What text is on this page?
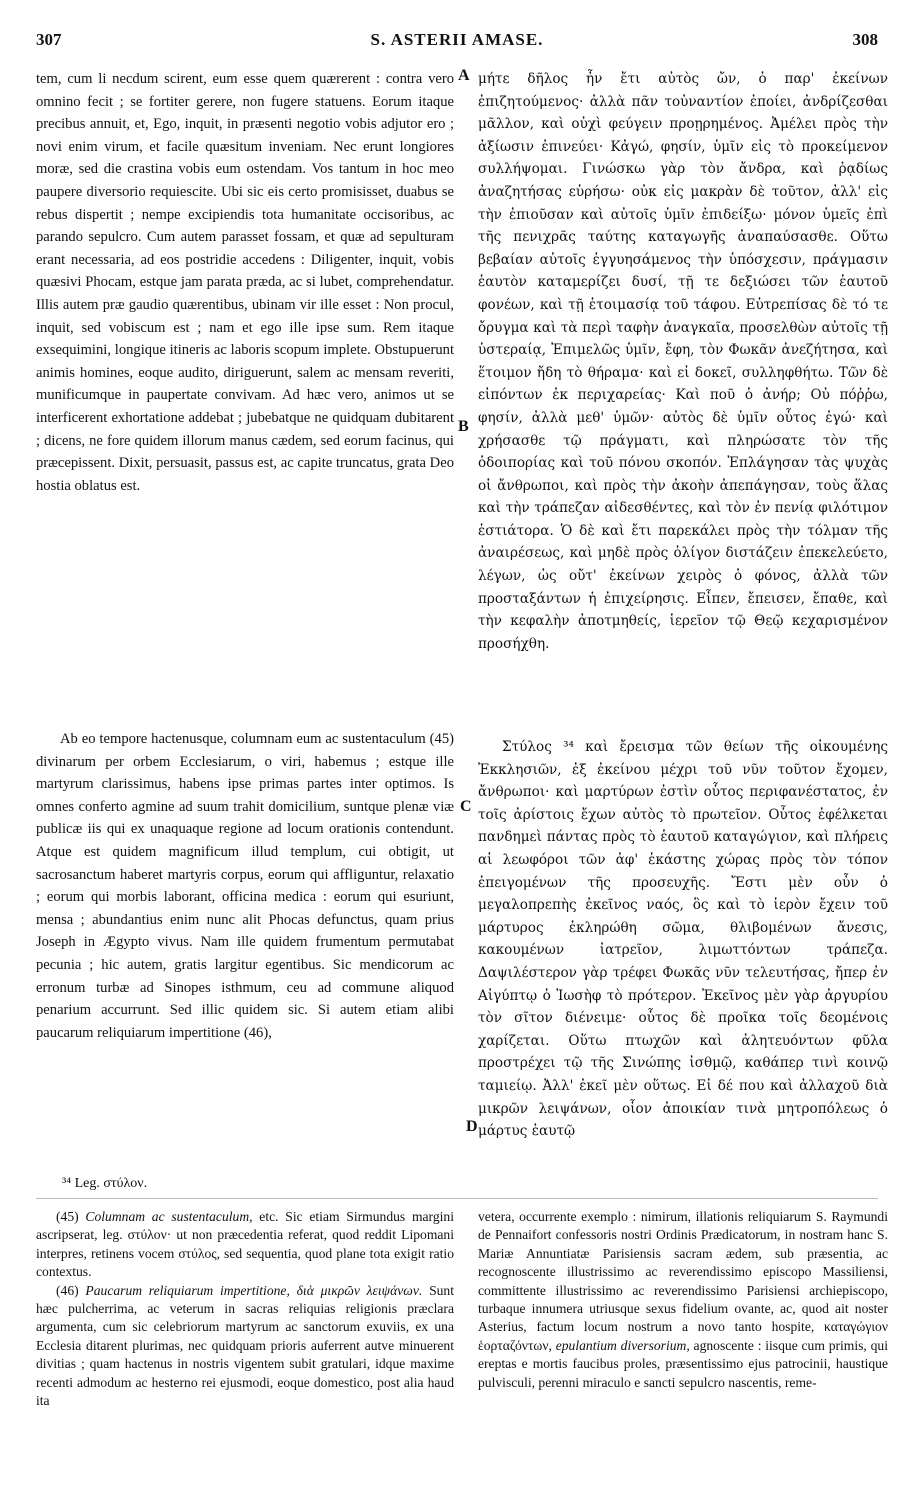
307	S. ASTERII AMASE.	308

tem, cum li necdum scirent, eum esse quem quærerent : contra vero omnino fecit ; se fortiter gerere, non fugere statuens. Eorum itaque precibus annuit, et, Ego, inquit, in præsenti negotio vobis adjutor ero ; novi enim virum, et facile quæsitum inveniam. Nec erunt longiores moræ, sed die crastina vobis eum ostendam. Vos tantum in hoc meo paupere diversorio requiescite. Ubi sic eis certo promisisset, duabus se rebus dispertit ; nempe excipiendis tota humanitate occisoribus, ac parando sepulcro. Cum autem parasset fossam, et quæ ad sepulturam erant necessaria, ad eos postridie accedens : Diligenter, inquit, vobis quæsivi Phocam, estque jam parata præda, ac si lubet, comprehendatur. Illis autem præ gaudio quærentibus, ubinam vir ille esset : Non procul, inquit, sed vobiscum est ; nam et ego ille ipse sum. Rem itaque exsequimini, longique itineris ac laboris scopum implete. Obstupuerunt animis homines, eoque audito, diriguerunt, salem ac mensam reveriti, munificumque in paupertate convivam. Ad hæc vero, animos ut se interficerent exhortatione addebat ; jubebatque ne quidquam dubitarent ; dicens, ne fore quidem illorum manus cædem, sed eorum facinus, qui præcepissent. Dixit, persuasit, passus est, ac capite truncatus, grata Deo hostia oblatus est.

Ab eo tempore hactenusque, columnam eum ac sustentaculum (45) divinarum per orbem Ecclesiarum, o viri, habemus ; estque ille martyrum clarissimus, habens ipse primas partes inter optimos. Is omnes conferto agmine ad suum trahit domicilium, suntque plenæ viæ publicæ iis qui ex unaquaque regione ad locum orationis contendunt. Atque est quidem magnificum illud templum, cui obtigit, ut sacrosanctum haberet martyris corpus, eorum qui affliguntur, relaxatio ; eorum qui morbis laborant, officina medica : eorum qui esuriunt, mensa ; abundantius enim nunc alit Phocas defunctus, quam prius Joseph in Ægypto vivus. Nam ille quidem frumentum permutabat pecunia ; hic autem, gratis largitur egentibus. Sic mendicorum ac erronum turbæ ad Sinopes isthmum, ceu ad commune aliquod penarium accurrunt. Sed illic quidem sic. Si autem etiam alibi paucarum reliquiarum impertitione (46),

μήτε δῆλος ἦν ἔτι αὐτὸς ὤν, ὁ παρ' ἐκείνων ἐπιζητούμενος· ἀλλὰ πᾶν τοὐναντίον ἐποίει, ἀνδρίζεσθαι μᾶλλον, καὶ οὐχὶ φεύγειν προῃρημένος. Ἀμέλει πρὸς τὴν ἀξίωσιν ἐπινεύει· Κἀγώ, φησίν, ὑμῖν εἰς τὸ προκείμενον συλλήψομαι. Γινώσκω γὰρ τὸν ἄνδρα, καὶ ῥᾳδίως ἀναζητήσας εὑρήσω· οὐκ εἰς μακρὰν δὲ τοῦτον, ἀλλ' εἰς τὴν ἐπιοῦσαν καὶ αὐτοῖς ὑμῖν ἐπιδείξω· μόνον ὑμεῖς ἐπὶ τῆς πενιχρᾶς ταύτης καταγωγῆς ἀναπαύσασθε. Οὕτω βεβαίαν αὐτοῖς ἐγγυησάμενος τὴν ὑπόσχεσιν, πράγμασιν ἑαυτὸν καταμερίζει δυσί, τῇ τε δεξιώσει τῶν ἑαυτοῦ φονέων, καὶ τῇ ἑτοιμασίᾳ τοῦ τάφου. Εὐτρεπίσας δὲ τό τε ὄρυγμα καὶ τὰ περὶ ταφὴν ἀναγκαῖα, προσελθὼν αὐτοῖς τῇ ὑστεραίᾳ, Ἐπιμελῶς ὑμῖν, ἔφη, τὸν Φωκᾶν ἀνεζήτησα, καὶ ἕτοιμον ἤδη τὸ θήραμα· καὶ εἰ δοκεῖ, συλληφθήτω. Τῶν δὲ εἰπόντων ἐκ περιχαρείας· Καὶ ποῦ ὁ ἀνήρ; Οὐ πόῤῥω, φησίν, ἀλλὰ μεθ' ὑμῶν· αὐτὸς δὲ ὑμῖν οὗτος ἐγώ· καὶ χρήσασθε τῷ πράγματι, καὶ πληρώσατε τὸν τῆς ὁδοιπορίας καὶ τοῦ πόνου σκοπόν. Ἐπλάγησαν τὰς ψυχὰς οἱ ἄνθρωποι, καὶ πρὸς τὴν ἀκοὴν ἀπεπάγησαν, τοὺς ἅλας καὶ τὴν τράπεζαν αἰδεσθέντες, καὶ τὸν ἐν πενίᾳ φιλότιμον ἑστιάτορα. Ὁ δὲ καὶ ἔτι παρεκάλει πρὸς τὴν τόλμαν τῆς ἀναιρέσεως, καὶ μηδὲ πρὸς ὀλίγον διστάζειν ἐπεκελεύετο, λέγων, ὡς οὔτ' ἐκείνων χειρὸς ὁ φόνος, ἀλλὰ τῶν προσταξάντων ἡ ἐπιχείρησις. Εἶπεν, ἔπεισεν, ἔπαθε, καὶ τὴν κεφαλὴν ἀποτμηθείς, ἱερεῖον τῷ Θεῷ κεχαρισμένον προσήχθη.

Στύλος ³⁴ καὶ ἔρεισμα τῶν θείων τῆς οἰκουμένης Ἐκκλησιῶν, ἐξ ἐκείνου μέχρι τοῦ νῦν τοῦτον ἔχομεν, ἄνθρωποι· καὶ μαρτύρων ἐστὶν οὗτος περιφανέστατος, ἐν τοῖς ἀρίστοις ἔχων αὐτὸς τὸ πρωτεῖον. Οὗτος ἐφέλκεται πανδημεὶ πάντας πρὸς τὸ ἑαυτοῦ καταγώγιον, καὶ πλήρεις αἱ λεωφόροι τῶν ἀφ' ἑκάστης χώρας πρὸς τὸν τόπον ἐπειγομένων τῆς προσευχῆς. Ἔστι μὲν οὖν ὁ μεγαλοπρεπὴς ἐκεῖνος ναός, ὃς καὶ τὸ ἱερὸν ἔχειν τοῦ μάρτυρος ἐκληρώθη σῶμα, θλιβομένων ἄνεσις, κακουμένων ἰατρεῖον, λιμωττόντων τράπεζα. Δαψιλέστερον γὰρ τρέφει Φωκᾶς νῦν τελευτήσας, ἤπερ ἐν Αἰγύπτῳ ὁ Ἰωσὴφ τὸ πρότερον. Ἐκεῖνος μὲν γὰρ ἀργυρίου τὸν σῖτον διένειμε· οὗτος δὲ προῖκα τοῖς δεομένοις χαρίζεται. Οὕτω πτωχῶν καὶ ἀλητευόντων φῦλα προστρέχει τῷ τῆς Σινώπης ἰσθμῷ, καθάπερ τινὶ κοινῷ ταμιείῳ. Ἀλλ' ἐκεῖ μὲν οὕτως. Εἰ δέ που καὶ ἀλλαχοῦ διὰ μικρῶν λειψάνων, οἷον ἀποικίαν τινὰ μητροπόλεως ὁ μάρτυς ἑαυτῷ

A
B
C
D
³⁴ Leg. στύλον.

(45) Columnam ac sustentaculum, etc. Sic etiam Sirmundus margini ascripserat, leg. στύλον· ut non præcedentia referat, quod reddit Lipomani interpres, retinens vocem στύλος, sed sequentia, quod plane tota exigit ratio contextus.

(46) Paucarum reliquiarum impertitione, διὰ μικρῶν λειψάνων. Sunt hæc pulcherrima, ac veterum in sacras reliquias religionis præclara argumenta, cum sic celebriorum martyrum ac sanctorum exuviis, ex una Ecclesia ditarent plurimas, nec quidquam prioris auferrent autve minuerent divitias ; quam hactenus in nostris vigentem subit gratulari, idque maxime recenti admodum ac hesterno rei ejusmodi, eoque domestico, post alia haud ita

vetera, occurrente exemplo : nimirum, illationis reliquiarum S. Raymundi de Pennaifort confessoris nostri Ordinis Prædicatorum, in nostram hanc S. Mariæ Annuntiatæ Parisiensis sacram ædem, sub præsentia, ac recognoscente illustrissimo ac reverendissimo episcopo Massiliensi, committente illustrissimo ac reverendissimo Parisiensi archiepiscopo, turbaque innumera utriusque sexus fidelium ovante, ac, quod ait noster Asterius, factum locum nostrum a novo tanto hospite, καταγώγιον ἑορταζόντων, epulantium diversorium, agnoscente : iisque cum primis, qui ereptas e mortis faucibus proles, præsentissimo ejus patrocinii, haustique pulvisculi, perenni miraculo e sancti sepulcro nascentis, reme-
